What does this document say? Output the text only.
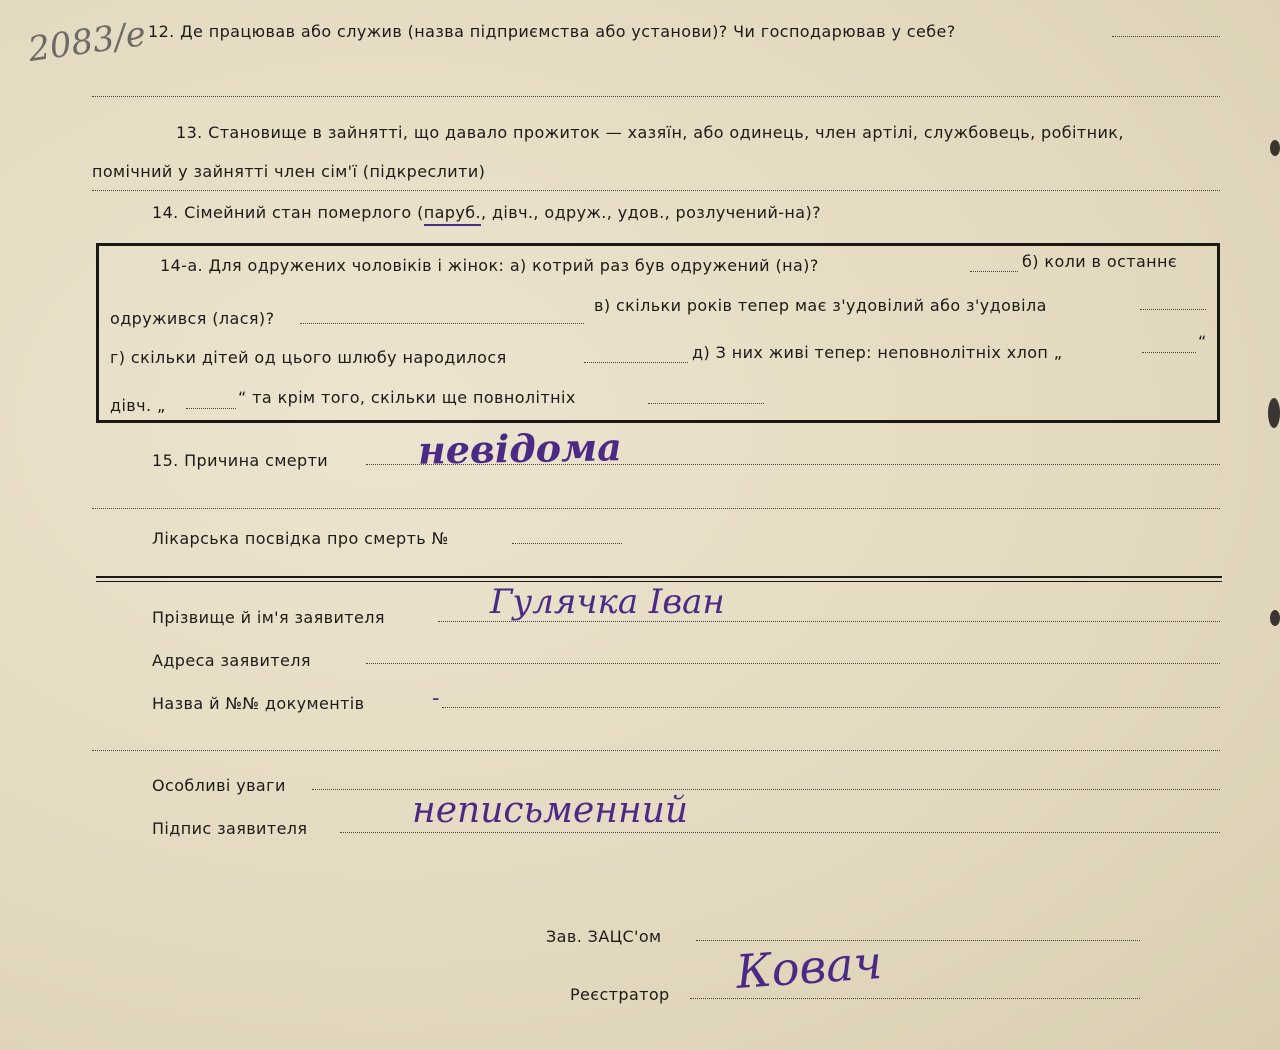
2083/е 12. Де працював або служив (назва підприємства або установи)? Чи господарював у себе?
13. Становище в зайнятті, що давало прожиток — хазяїн, або одинець, член артілі, службовець, робітник,
помічний у зайнятті член сім'ї (підкреслити)
14. Сімейний стан померлого (паруб., дівч., одруж., удов., розлучений-на)?
14-а. Для одружених чоловіків і жінок: а) котрий раз був одружений (на)?	б) коли в останнє
одружився (лася)?
в) скільки років тепер має з'удовілий або з'удовіла
г) скільки дітей од цього шлюбу народилося	д) З них живі тепер: неповнолітніх хлоп „
“
дівч. „	“ та крім того, скільки ще повнолітніх
15. Причина смерти невідома
Лікарська посвідка про смерть №
Прізвище й ім'я заявителя	Гулячка Іван
Адреса заявителя
Назва й №№ документів	-
Особливі уваги
Підпис заявителя	неписьменний
Зав. ЗАЦС'ом
Реєстратор Ковач
